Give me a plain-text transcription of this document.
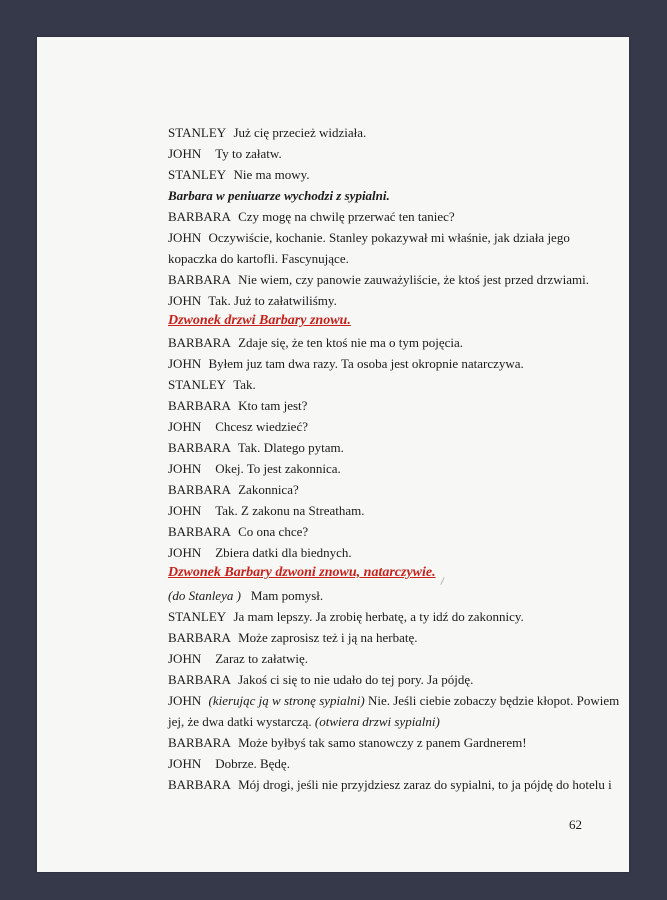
STANLEY Już cię przecież widziała.
JOHN Ty to załatw.
STANLEY Nie ma mowy.
Barbara w peniuarze wychodzi z sypialni.
BARBARA Czy mogę na chwilę przerwać ten taniec?
JOHN Oczywiście, kochanie. Stanley pokazywał mi właśnie, jak działa jego
kopaczka do kartofli. Fascynujące.
BARBARA Nie wiem, czy panowie zauważyliście, że ktoś jest przed drzwiami.
JOHN Tak. Już to załatwiliśmy.
Dzwonek drzwi Barbary znowu.
BARBARA Zdaje się, że ten ktoś nie ma o tym pojęcia.
JOHN Byłem juz tam dwa razy. Ta osoba jest okropnie natarczywa.
STANLEY Tak.
BARBARA Kto tam jest?
JOHN Chcesz wiedzieć?
BARBARA Tak. Dlatego pytam.
JOHN Okej. To jest zakonnica.
BARBARA Zakonnica?
JOHN Tak. Z zakonu na Streatham.
BARBARA Co ona chce?
JOHN Zbiera datki dla biednych.
Dzwonek Barbary dzwoni znowu, natarczywie.
(do Stanleya ) Mam pomysł.
STANLEY Ja mam lepszy. Ja zrobię herbatę, a ty idź do zakonnicy.
BARBARA Może zaprosisz też i ją na herbatę.
JOHN Zaraz to załatwię.
BARBARA Jakoś ci się to nie udało do tej pory. Ja pójdę.
JOHN (kierując ją w stronę sypialni) Nie. Jeśli ciebie zobaczy będzie kłopot. Powiem
jej, że dwa datki wystarczą. (otwiera drzwi sypialni)
BARBARA Może byłbyś tak samo stanowczy z panem Gardnerem!
JOHN Dobrze. Będę.
BARBARA Mój drogi, jeśli nie przyjdziesz zaraz do sypialni, to ja pójdę do hotelu i
62
